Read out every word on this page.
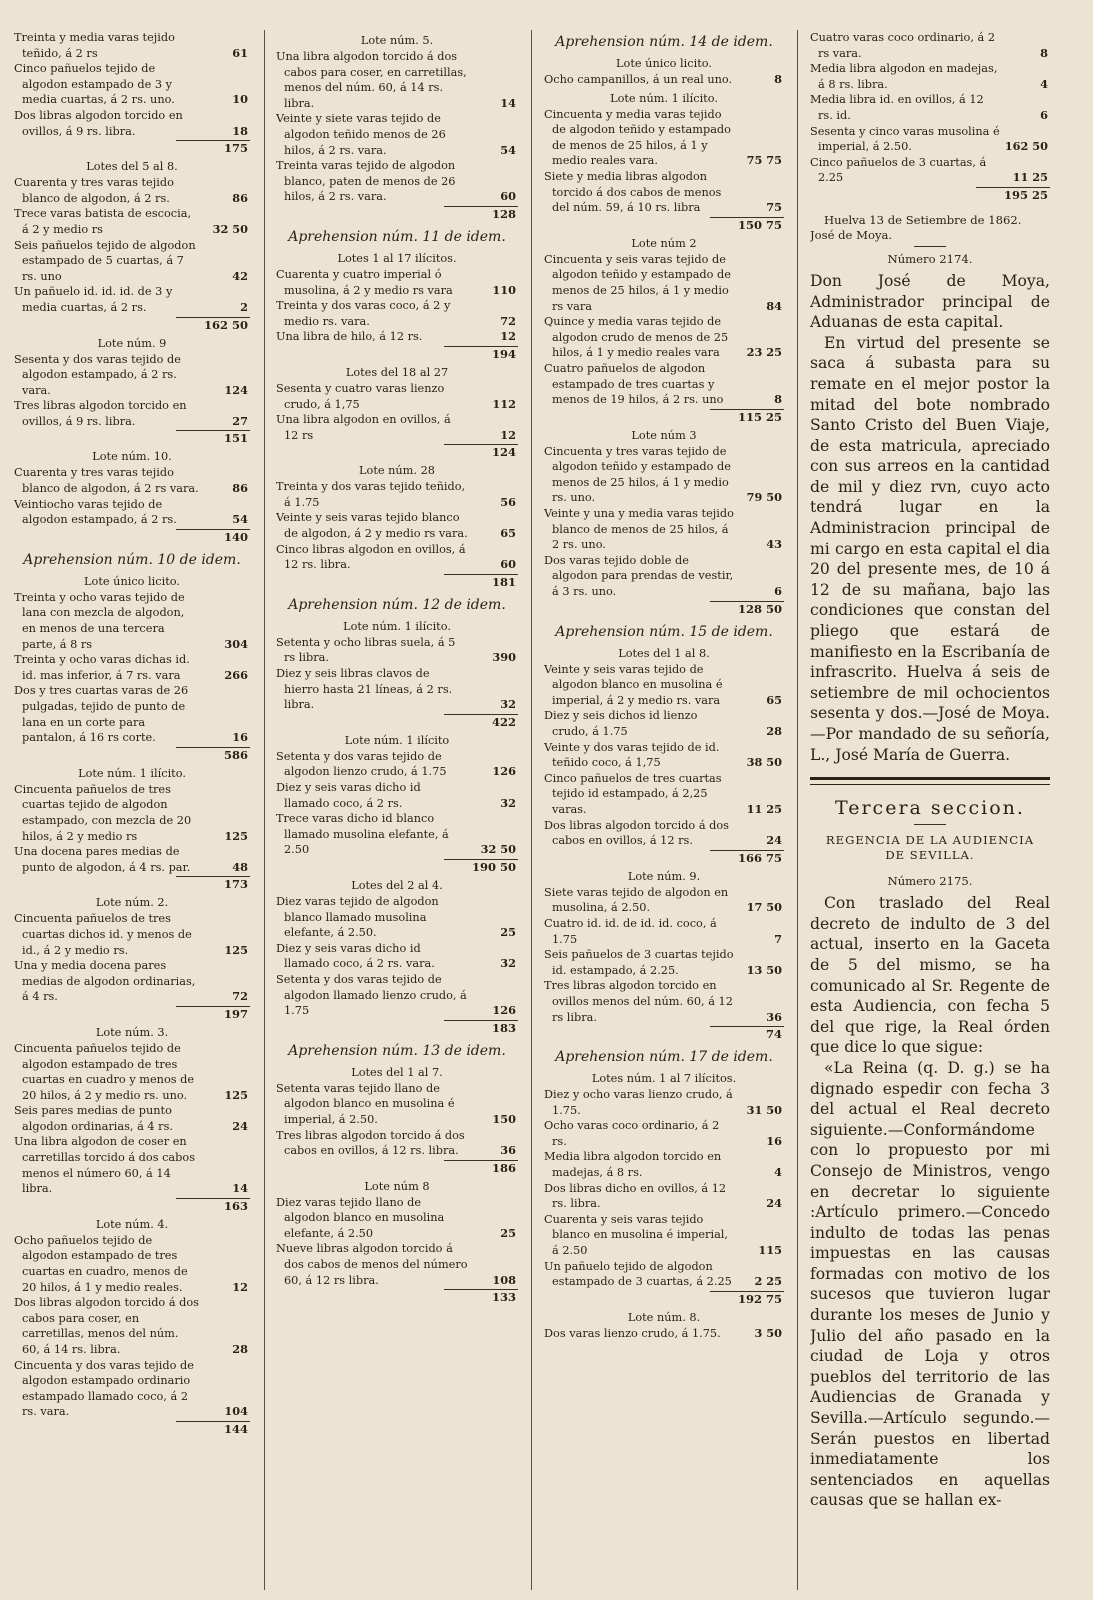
Treinta y media varas tejido teñido, á 2 rs	61
Cinco pañuelos tejido de algodon estampado de 3 y media cuartas, á 2 rs. uno.	10
Dos libras algodon torcido en ovillos, á 9 rs. libra.	18
175
Lotes del 5 al 8.
Cuarenta y tres varas tejido blanco de algodon, á 2 rs.	86
Trece varas batista de escocia, á 2 y medio rs	32 50
Seis pañuelos tejido de algodon estampado de 5 cuartas, á 7 rs. uno	42
Un pañuelo id. id. id. de 3 y media cuartas, á 2 rs.	2
162 50
Lote núm. 9
Sesenta y dos varas tejido de algodon estampado, á 2 rs. vara.	124
Tres libras algodon torcido en ovillos, á 9 rs. libra.	27
151
Lote núm. 10.
Cuarenta y tres varas tejido blanco de algodon, á 2 rs vara.	86
Veintiocho varas tejido de algodon estampado, á 2 rs.	54
140
Aprehension núm. 10 de idem.
Lote único licito.
Treinta y ocho varas tejido de lana con mezcla de algodon, en menos de una tercera parte, á 8 rs	304
Treinta y ocho varas dichas id. id. mas inferior, á 7 rs. vara	266
Dos y tres cuartas varas de 26 pulgadas, tejido de punto de lana en un corte para pantalon, á 16 rs corte.	16
586
Lote núm. 1 ilícito.
Cincuenta pañuelos de tres cuartas tejido de algodon estampado, con mezcla de 20 hilos, á 2 y medio rs	125
Una docena pares medias de punto de algodon, á 4 rs. par.	48
173
Lote núm. 2.
Cincuenta pañuelos de tres cuartas dichos id. y menos de id., á 2 y medio rs.	125
Una y media docena pares medias de algodon ordinarias, á 4 rs.	72
197
Lote núm. 3.
Cincuenta pañuelos tejido de algodon estampado de tres cuartas en cuadro y menos de 20 hilos, á 2 y medio rs. uno.	125
Seis pares medias de punto algodon ordinarias, á 4 rs.	24
Una libra algodon de coser en carretillas torcido á dos cabos menos el número 60, á 14 libra.	14
163
Lote núm. 4.
Ocho pañuelos tejido de algodon estampado de tres cuartas en cuadro, menos de 20 hilos, á 1 y medio reales.	12
Dos libras algodon torcido á dos cabos para coser, en carretillas, menos del núm. 60, á 14 rs. libra.	28
Cincuenta y dos varas tejido de algodon estampado ordinario estampado llamado coco, á 2 rs. vara.	104
144
Lote núm. 5.
Una libra algodon torcido á dos cabos para coser, en carretillas, menos del núm. 60, á 14 rs. libra.	14
Veinte y siete varas tejido de algodon teñido menos de 26 hilos, á 2 rs. vara.	54
Treinta varas tejido de algodon blanco, paten de menos de 26 hilos, á 2 rs. vara.	60
128
Aprehension núm. 11 de idem.
Lotes 1 al 17 ilícitos.
Cuarenta y cuatro imperial ó musolina, á 2 y medio rs vara	110
Treinta y dos varas coco, á 2 y medio rs. vara.	72
Una libra de hilo, á 12 rs.	12
194
Lotes del 18 al 27
Sesenta y cuatro varas lienzo crudo, á 1,75	112
Una libra algodon en ovillos, á 12 rs	12
124
Lote núm. 28
Treinta y dos varas tejido teñido, á 1.75	56
Veinte y seis varas tejido blanco de algodon, á 2 y medio rs vara.	65
Cinco libras algodon en ovillos, á 12 rs. libra.	60
181
Aprehension núm. 12 de idem.
Lote núm. 1 ilícito.
Setenta y ocho libras suela, á 5 rs libra.	390
Diez y seis libras clavos de hierro hasta 21 líneas, á 2 rs. libra.	32
422
Lote núm. 1 ilícito
Setenta y dos varas tejido de algodon lienzo crudo, á 1.75	126
Diez y seis varas dicho id llamado coco, á 2 rs.	32
Trece varas dicho id blanco llamado musolina elefante, á 2.50	32 50
190 50
Lotes del 2 al 4.
Diez varas tejido de algodon blanco llamado musolina elefante, á 2.50.	25
Diez y seis varas dicho id llamado coco, á 2 rs. vara.	32
Setenta y dos varas tejido de algodon llamado lienzo crudo, á 1.75	126
183
Aprehension núm. 13 de idem.
Lotes del 1 al 7.
Setenta varas tejido llano de algodon blanco en musolina é imperial, á 2.50.	150
Tres libras algodon torcido á dos cabos en ovillos, á 12 rs. libra.	36
186
Lote núm 8
Diez varas tejido llano de algodon blanco en musolina elefante, á 2.50	25
Nueve libras algodon torcido á dos cabos de menos del número 60, á 12 rs libra.	108
133
Aprehension núm. 14 de idem.
Lote único licito.
Ocho campanillos, á un real uno.	8
Lote núm. 1 ilícito.
Cincuenta y media varas tejido de algodon teñido y estampado de menos de 25 hilos, á 1 y medio reales vara.	75 75
Siete y media libras algodon torcido á dos cabos de menos del núm. 59, á 10 rs. libra	75
150 75
Lote núm 2
Cincuenta y seis varas tejido de algodon teñido y estampado de menos de 25 hilos, á 1 y medio rs vara	84
Quince y media varas tejido de algodon crudo de menos de 25 hilos, á 1 y medio reales vara	23 25
Cuatro pañuelos de algodon estampado de tres cuartas y menos de 19 hilos, á 2 rs. uno	8
115 25
Lote núm 3
Cincuenta y tres varas tejido de algodon teñido y estampado de menos de 25 hilos, á 1 y medio rs. uno.	79 50
Veinte y una y media varas tejido blanco de menos de 25 hilos, á 2 rs. uno.	43
Dos varas tejido doble de algodon para prendas de vestir, á 3 rs. uno.	6
128 50
Aprehension núm. 15 de idem.
Lotes del 1 al 8.
Veinte y seis varas tejido de algodon blanco en musolina é imperial, á 2 y medio rs. vara	65
Diez y seis dichos id lienzo crudo, á 1.75	28
Veinte y dos varas tejido de id. teñido coco, á 1,75	38 50
Cinco pañuelos de tres cuartas tejido id estampado, á 2,25 varas.	11 25
Dos libras algodon torcido á dos cabos en ovillos, á 12 rs.	24
166 75
Lote núm. 9.
Siete varas tejido de algodon en musolina, á 2.50.	17 50
Cuatro id. id. de id. id. coco, á 1.75	7
Seis pañuelos de 3 cuartas tejido id. estampado, á 2.25.	13 50
Tres libras algodon torcido en ovillos menos del núm. 60, á 12 rs libra.	36
74
Aprehension núm. 17 de idem.
Lotes núm. 1 al 7 ilícitos.
Diez y ocho varas lienzo crudo, á 1.75.	31 50
Ocho varas coco ordinario, á 2 rs.	16
Media libra algodon torcido en madejas, á 8 rs.	4
Dos libras dicho en ovillos, á 12 rs. libra.	24
Cuarenta y seis varas tejido blanco en musolina é imperial, á 2.50	115
Un pañuelo tejido de algodon estampado de 3 cuartas, á 2.25	2 25
192 75
Lote núm. 8.
Dos varas lienzo crudo, á 1.75.	3 50
Cuatro varas coco ordinario, á 2 rs vara.	8
Media libra algodon en madejas, á 8 rs. libra.	4
Media libra id. en ovillos, á 12 rs. id.	6
Sesenta y cinco varas musolina é imperial, á 2.50.	162 50
Cinco pañuelos de 3 cuartas, á 2.25	11 25
195 25
Huelva 13 de Setiembre de 1862.
José de Moya.
Número 2174.
Don José de Moya, Administrador principal de Aduanas de esta capital.
En virtud del presente se saca á subasta para su remate en el mejor postor la mitad del bote nombrado Santo Cristo del Buen Viaje, de esta matricula, apreciado con sus arreos en la cantidad de mil y diez rvn, cuyo acto tendrá lugar en la Administracion principal de mi cargo en esta capital el dia 20 del presente mes, de 10 á 12 de su mañana, bajo las condiciones que constan del pliego que estará de manifiesto en la Escribanía de infrascrito. Huelva á seis de setiembre de mil ochocientos sesenta y dos.—José de Moya.—Por mandado de su señoría, L., José María de Guerra.
Tercera seccion.
REGENCIA DE LA AUDIENCIA
DE SEVILLA.
Número 2175.
Con traslado del Real decreto de indulto de 3 del actual, inserto en la Gaceta de 5 del mismo, se ha comunicado al Sr. Regente de esta Audiencia, con fecha 5 del que rige, la Real órden que dice lo que sigue:
«La Reina (q. D. g.) se ha dignado espedir con fecha 3 del actual el Real decreto siguiente.—Conformándome con lo propuesto por mi Consejo de Ministros, vengo en decretar lo siguiente :Artículo primero.—Concedo indulto de todas las penas impuestas en las causas formadas con motivo de los sucesos que tuvieron lugar durante los meses de Junio y Julio del año pasado en la ciudad de Loja y otros pueblos del territorio de las Audiencias de Granada y Sevilla.—Artículo segundo.—Serán puestos en libertad inmediatamente los sentenciados en aquellas causas que se hallan ex-
